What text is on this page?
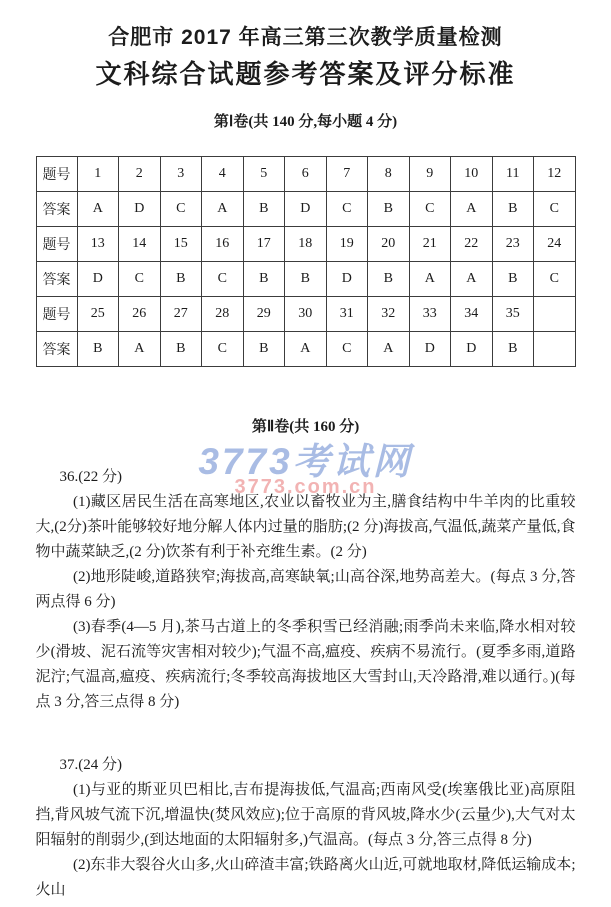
合肥市 2017 年高三第三次教学质量检测
文科综合试题参考答案及评分标准

第Ⅰ卷(共 140 分,每小题 4 分)

题号	1	2	3	4	5	6	7	8	9	10	11	12
答案	A	D	C	A	B	D	C	B	C	A	B	C
题号	13	14	15	16	17	18	19	20	21	22	23	24
答案	D	C	B	C	B	B	D	B	A	A	B	C
题号	25	26	27	28	29	30	31	32	33	34	35	
答案	B	A	B	C	B	A	C	A	D	D	B	

第Ⅱ卷(共 160 分)

3773考试网
3773.com.cn

36.(22 分)

(1)藏区居民生活在高寒地区,农业以畜牧业为主,膳食结构中牛羊肉的比重较大,(2分)茶叶能够较好地分解人体内过量的脂肪;(2 分)海拔高,气温低,蔬菜产量低,食物中蔬菜缺乏,(2 分)饮茶有利于补充维生素。(2 分)

(2)地形陡峻,道路狭窄;海拔高,高寒缺氧;山高谷深,地势高差大。(每点 3 分,答两点得 6 分)

(3)春季(4—5 月),茶马古道上的冬季积雪已经消融;雨季尚未来临,降水相对较少(滑坡、泥石流等灾害相对较少);气温不高,瘟疫、疾病不易流行。(夏季多雨,道路泥泞;气温高,瘟疫、疾病流行;冬季较高海拔地区大雪封山,天冷路滑,难以通行。)(每点 3 分,答三点得 8 分)

37.(24 分)

(1)与亚的斯亚贝巴相比,吉布提海拔低,气温高;西南风受(埃塞俄比亚)高原阻挡,背风坡气流下沉,增温快(焚风效应);位于高原的背风坡,降水少(云量少),大气对太阳辐射的削弱少,(到达地面的太阳辐射多,)气温高。(每点 3 分,答三点得 8 分)

(2)东非大裂谷火山多,火山碎渣丰富;铁路离火山近,可就地取材,降低运输成本;火山
